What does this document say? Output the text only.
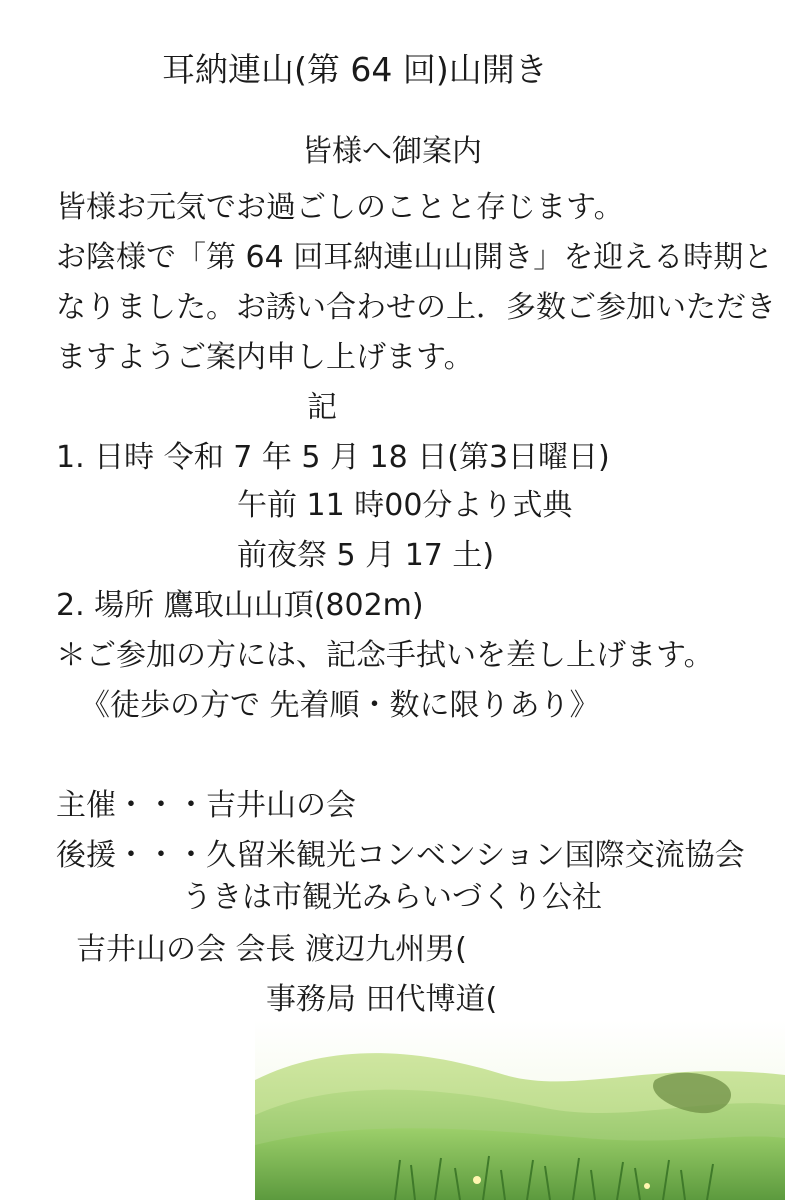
耳納連山(第 64 回)山開き
皆様へ御案内
皆様お元気でお過ごしのことと存じます。
お陰様で「第 64 回耳納連山山開き」を迎える時期と
なりました。お誘い合わせの上．多数ご参加いただき
ますようご案内申し上げます。
記
1. 日時 令和 7 年 5 月 18 日(第3日曜日)
午前 11 時00分より式典
前夜祭 5 月 17 土)
2. 場所 鷹取山山頂(802m)
＊ご参加の方には、記念手拭いを差し上げます。
《徒歩の方で 先着順・数に限りあり》
主催・・・吉井山の会
後援・・・久留米観光コンベンション国際交流協会
うきは市観光みらいづくり公社
吉井山の会 会長 渡辺九州男(
事務局 田代博道(
